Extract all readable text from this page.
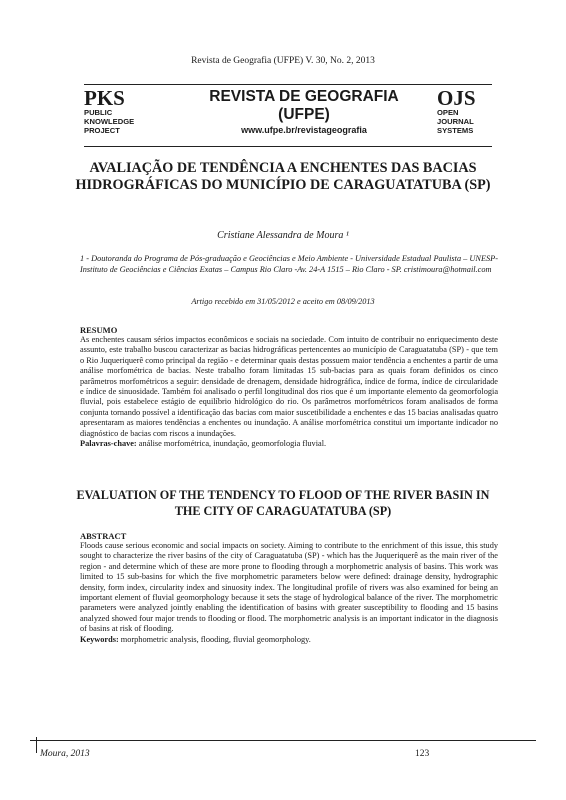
Revista de Geografia (UFPE) V. 30, No. 2, 2013
PKS
PUBLIC
KNOWLEDGE
PROJECT
REVISTA DE GEOGRAFIA
(UFPE)
www.ufpe.br/revistageografia
OJS
OPEN
JOURNAL
SYSTEMS
AVALIAÇÃO DE TENDÊNCIA A ENCHENTES DAS BACIAS HIDROGRÁFICAS DO MUNICÍPIO DE CARAGUATATUBA (SP)
Cristiane Alessandra de Moura ¹
1 - Doutoranda do Programa de Pós-graduação e Geociências e Meio Ambiente - Universidade Estadual Paulista – UNESP-Instituto de Geociências e Ciências Exatas – Campus Rio Claro -Av. 24-A 1515 – Rio Claro - SP. cristimoura@hotmail.com
Artigo recebido em 31/05/2012 e aceito em 08/09/2013
RESUMO
As enchentes causam sérios impactos econômicos e sociais na sociedade. Com intuito de contribuir no enriquecimento deste assunto, este trabalho buscou caracterizar as bacias hidrográficas pertencentes ao município de Caraguatatuba (SP) - que tem o Rio Juqueriquerê como principal da região - e determinar quais destas possuem maior tendência a enchentes a partir de uma análise morfométrica de bacias. Neste trabalho foram limitadas 15 sub-bacias para as quais foram definidos os cinco parâmetros morfométricos a seguir: densidade de drenagem, densidade hidrográfica, índice de forma, índice de circularidade e índice de sinuosidade. Também foi analisado o perfil longitudinal dos rios que é um importante elemento da geomorfologia fluvial, pois estabelece estágio de equilíbrio hidrológico do rio. Os parâmetros morfométricos foram analisados de forma conjunta tornando possível a identificação das bacias com maior suscetibilidade a enchentes e das 15 bacias analisadas quatro apresentaram as maiores tendências a enchentes ou inundação. A análise morfométrica constitui um importante indicador no diagnóstico de bacias com riscos a inundações.
Palavras-chave: análise morfométrica, inundação, geomorfologia fluvial.
EVALUATION OF THE TENDENCY TO FLOOD OF THE RIVER BASIN IN THE CITY OF CARAGUATATUBA (SP)
ABSTRACT
Floods cause serious economic and social impacts on society. Aiming to contribute to the enrichment of this issue, this study sought to characterize the river basins of the city of Caraguatatuba (SP) - which has the Juqueriquerê as the main river of the region - and determine which of these are more prone to flooding through a morphometric analysis of basins. This work was limited to 15 sub-basins for which the five morphometric parameters below were defined: drainage density, hydrographic density, form index, circularity index and sinuosity index. The longitudinal profile of rivers was also examined for being an important element of fluvial geomorphology because it sets the stage of hydrological balance of the river. The morphometric parameters were analyzed jointly enabling the identification of basins with greater susceptibility to flooding and 15 basins analyzed showed four major trends to flooding or flood. The morphometric analysis is an important indicator in the diagnosis of basins at risk of flooding.
Keywords: morphometric analysis, flooding, fluvial geomorphology.
Moura, 2013	123
